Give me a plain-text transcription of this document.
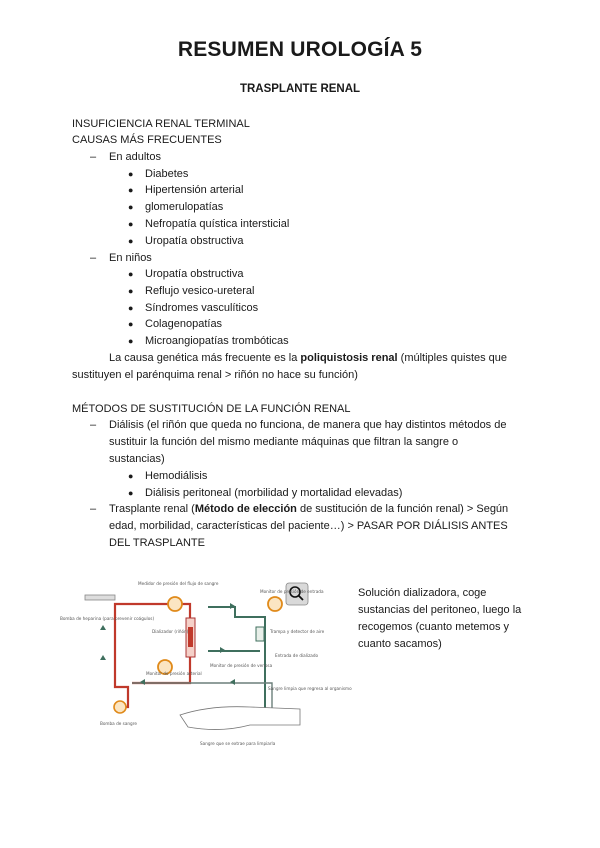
RESUMEN UROLOGÍA 5
TRASPLANTE RENAL
INSUFICIENCIA RENAL TERMINAL
CAUSAS MÁS FRECUENTES
– En adultos
● Diabetes
● Hipertensión arterial
● glomerulopatías
● Nefropatía quística intersticial
● Uropatía obstructiva
– En niños
● Uropatía obstructiva
● Reflujo vesico-ureteral
● Síndromes vasculíticos
● Colagenopatías
● Microangiopatías trombóticas
La causa genética más frecuente es la poliquistosis renal (múltiples quistes que
sustituyen el parénquima renal > riñón no hace su función)
MÉTODOS DE SUSTITUCIÓN DE LA FUNCIÓN RENAL
– Diálisis (el riñón que queda no funciona, de manera que hay distintos métodos de
sustituir la función del mismo mediante máquinas que filtran la sangre o
sustancias)
● Hemodiálisis
● Diálisis peritoneal (morbilidad y mortalidad elevadas)
– Trasplante renal (Método de elección de sustitución de la función renal) > Según
edad, morbilidad, características del paciente…) > PASAR POR DIÁLISIS ANTES
DEL TRASPLANTE
Medidor de presión del flujo de sangre
Bomba de heparina (para prevenir coágulos)
Dializador (riñón)
Monitor de presión de entrada
Trampa y detector de aire
Sangre limpia que regresa al organismo
Sangre que se extrae para limpiarla
Bomba de sangre
Monitor de presión arterial
Monitor de presión de venosa
Entrada de dializado
Solución dializadora, coge sustancias del peritoneo, luego la recogemos (cuanto metemos y cuanto sacamos)
